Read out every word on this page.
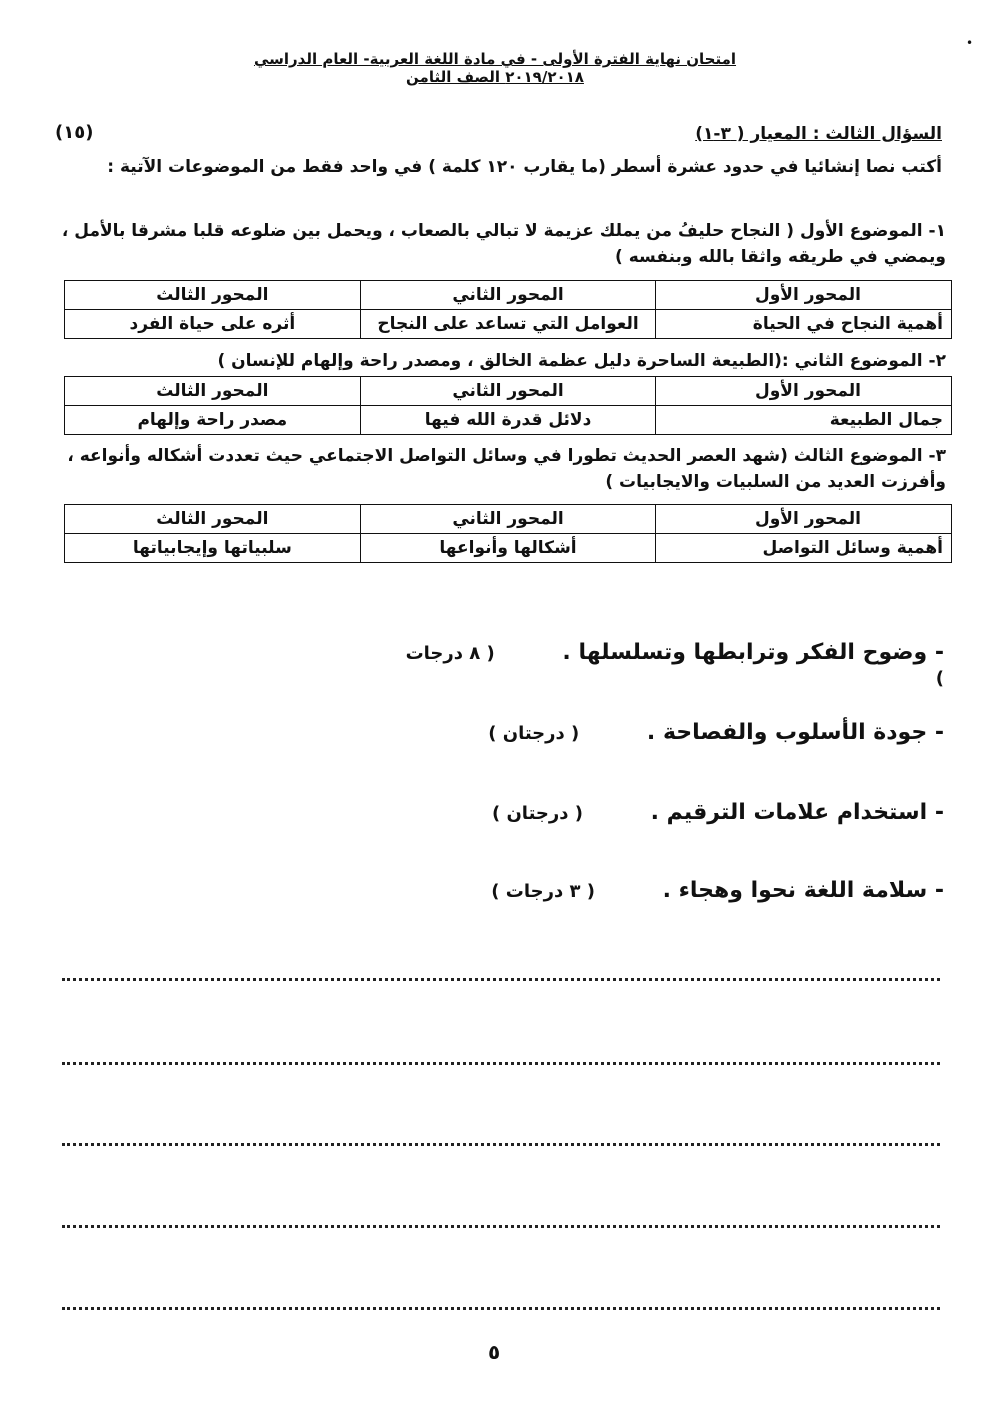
•
امتحان نهاية الفترة الأولى - في مادة اللغة العربية- العام الدراسي ٢٠١٩/٢٠١٨ الصف الثامن
السؤال الثالث : المعيار ( ٣-١)
(١٥)
أكتب نصا إنشائيا في حدود عشرة أسطر (ما يقارب ١٢٠ كلمة ) في واحد فقط من الموضوعات الآتية :
١- الموضوع الأول ( النجاح حليفُ من يملك عزيمة لا تبالي بالصعاب ، ويحمل بين ضلوعه قلبا مشرقا بالأمل ، ويمضي في طريقه واثقا بالله وبنفسه )
المحور الأول	المحور الثاني	المحور الثالث
أهمية النجاح في الحياة	العوامل التي تساعد على النجاح	أثره على حياة الفرد
٢- الموضوع الثاني :(الطبيعة الساحرة دليل عظمة الخالق ، ومصدر راحة وإلهام للإنسان )
المحور الأول	المحور الثاني	المحور الثالث
جمال الطبيعة	دلائل قدرة الله فيها	مصدر راحة وإلهام
٣- الموضوع الثالث (شهد العصر الحديث تطورا في وسائل التواصل الاجتماعي حيث تعددت أشكاله وأنواعه ، وأفرزت العديد من السلبيات والايجابيات )
المحور الأول	المحور الثاني	المحور الثالث
أهمية وسائل التواصل	أشكالها وأنواعها	سلبياتها وإيجابياتها
- وضوح الفكر وترابطها وتسلسلها . ( ٨ درجات )
- جودة الأسلوب والفصاحة . ( درجتان )
- استخدام علامات الترقيم . ( درجتان )
- سلامة اللغة نحوا وهجاء . ( ٣ درجات )
٥
